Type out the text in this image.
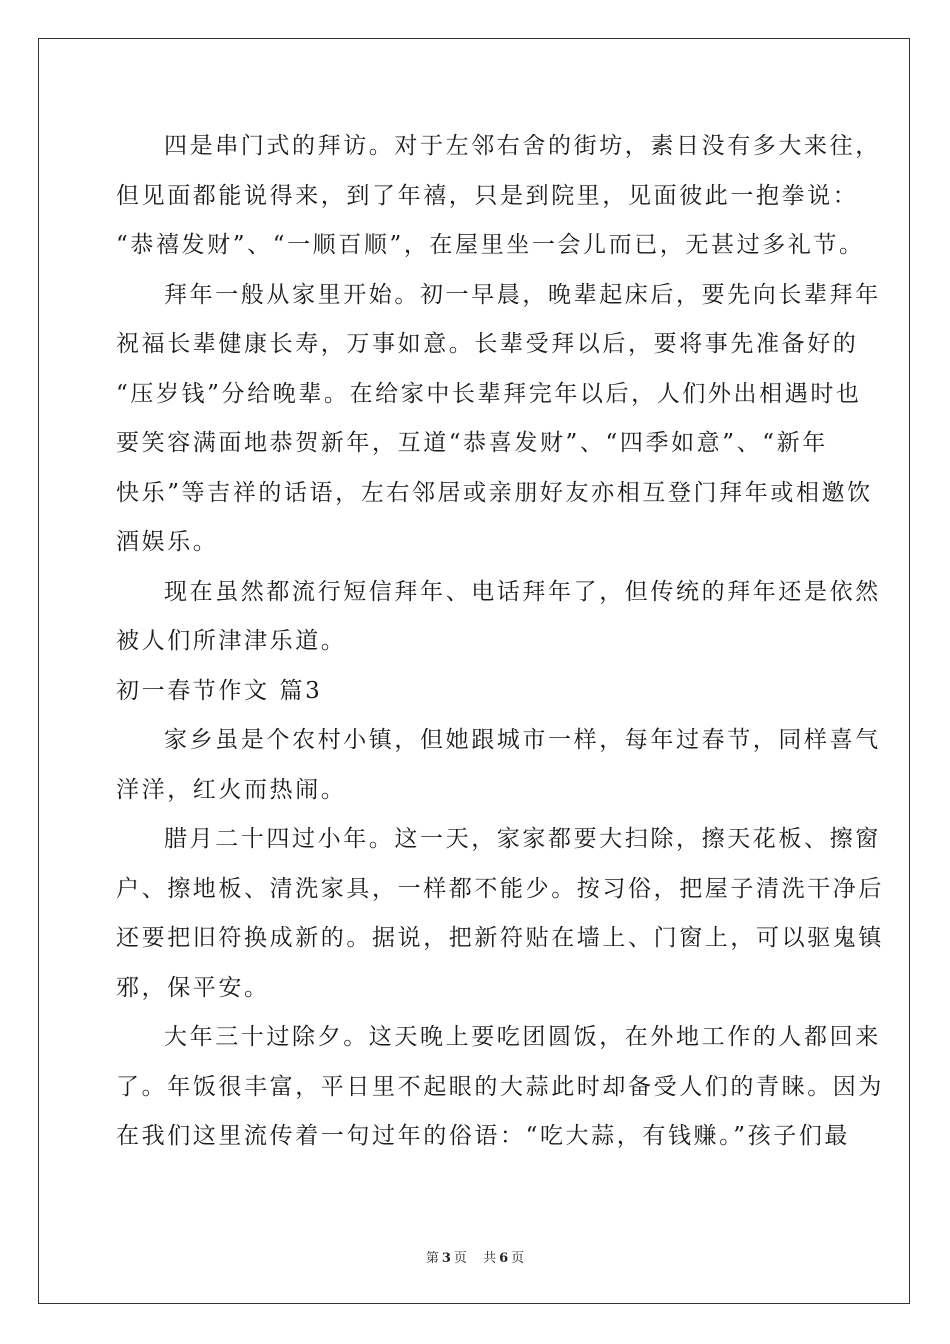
四是串门式的拜访。对于左邻右舍的街坊，素日没有多大来往，
但见面都能说得来，到了年禧，只是到院里，见面彼此一抱拳说：
“恭禧发财”、“一顺百顺”，在屋里坐一会儿而已，无甚过多礼节。
拜年一般从家里开始。初一早晨，晚辈起床后，要先向长辈拜年
祝福长辈健康长寿，万事如意。长辈受拜以后，要将事先准备好的
“压岁钱”分给晚辈。在给家中长辈拜完年以后，人们外出相遇时也
要笑容满面地恭贺新年，互道“恭喜发财”、“四季如意”、“新年
快乐”等吉祥的话语，左右邻居或亲朋好友亦相互登门拜年或相邀饮
酒娱乐。
现在虽然都流行短信拜年、电话拜年了，但传统的拜年还是依然
被人们所津津乐道。
初一春节作文 篇3
家乡虽是个农村小镇，但她跟城市一样，每年过春节，同样喜气
洋洋，红火而热闹。
腊月二十四过小年。这一天，家家都要大扫除，擦天花板、擦窗
户、擦地板、清洗家具，一样都不能少。按习俗，把屋子清洗干净后
还要把旧符换成新的。据说，把新符贴在墙上、门窗上，可以驱鬼镇
邪，保平安。
大年三十过除夕。这天晚上要吃团圆饭，在外地工作的人都回来
了。年饭很丰富，平日里不起眼的大蒜此时却备受人们的青睐。因为
在我们这里流传着一句过年的俗语：“吃大蒜，有钱赚。”孩子们最
第 3 页 共 6 页
